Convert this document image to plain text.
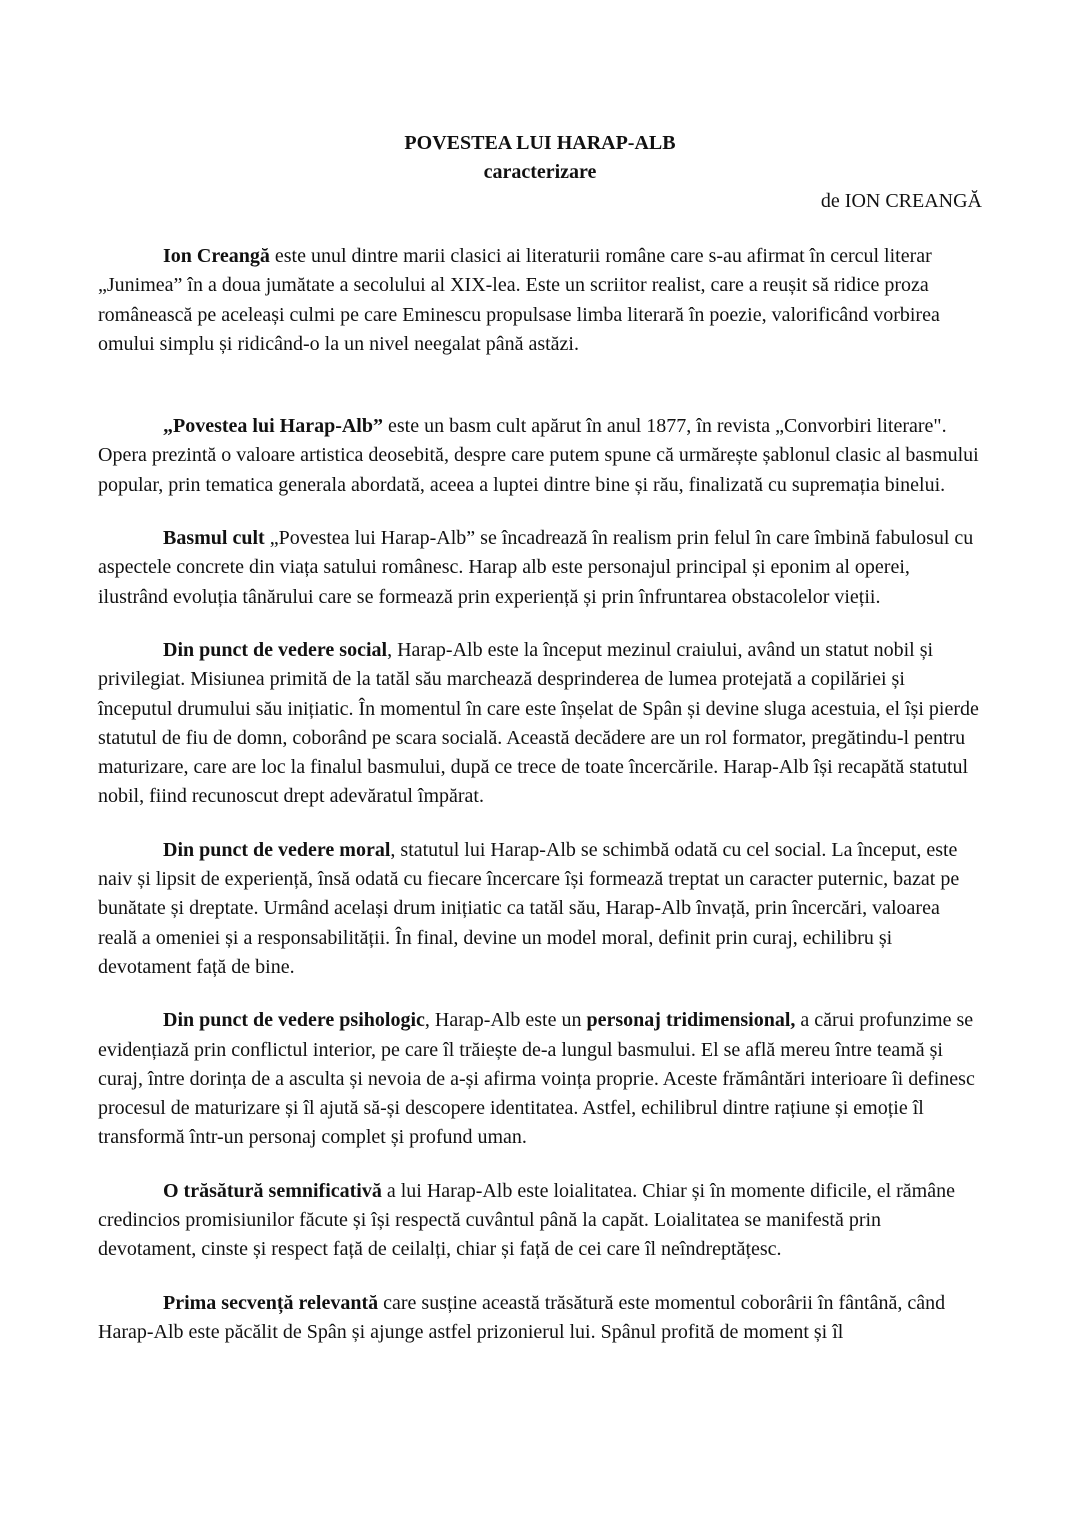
POVESTEA LUI HARAP-ALB
caracterizare
de ION CREANGĂ

Ion Creangă este unul dintre marii clasici ai literaturii române care s-au afirmat în cercul literar „Junimea” în a doua jumătate a secolului al XIX-lea. Este un scriitor realist, care a reușit să ridice proza românească pe aceleași culmi pe care Eminescu propulsase limba literară în poezie, valorificând vorbirea omului simplu și ridicând-o la un nivel neegalat până astăzi.

„Povestea lui Harap-Alb” este un basm cult apărut în anul 1877, în revista „Convorbiri literare". Opera prezintă o valoare artistica deosebită, despre care putem spune că urmărește șablonul clasic al basmului popular, prin tematica generala abordată, aceea a luptei dintre bine și rău, finalizată cu supremația binelui.

Basmul cult „Povestea lui Harap-Alb” se încadrează în realism prin felul în care îmbină fabulosul cu aspectele concrete din viața satului românesc. Harap alb este personajul principal și eponim al operei, ilustrând evoluția tânărului care se formează prin experiență și prin înfruntarea obstacolelor vieții.

Din punct de vedere social, Harap-Alb este la început mezinul craiului, având un statut nobil și privilegiat. Misiunea primită de la tatăl său marchează desprinderea de lumea protejată a copilăriei și începutul drumului său inițiatic. În momentul în care este înșelat de Spân și devine sluga acestuia, el își pierde statutul de fiu de domn, coborând pe scara socială. Această decădere are un rol formator, pregătindu-l pentru maturizare, care are loc la finalul basmului, după ce trece de toate încercările. Harap-Alb își recapătă statutul nobil, fiind recunoscut drept adevăratul împărat.

Din punct de vedere moral, statutul lui Harap-Alb se schimbă odată cu cel social. La început, este naiv și lipsit de experiență, însă odată cu fiecare încercare își formează treptat un caracter puternic, bazat pe bunătate și dreptate. Urmând același drum inițiatic ca tatăl său, Harap-Alb învață, prin încercări, valoarea reală a omeniei și a responsabilității. În final, devine un model moral, definit prin curaj, echilibru și devotament față de bine.

Din punct de vedere psihologic, Harap-Alb este un personaj tridimensional, a cărui profunzime se evidențiază prin conflictul interior, pe care îl trăiește de-a lungul basmului. El se află mereu între teamă și curaj, între dorința de a asculta și nevoia de a-și afirma voința proprie. Aceste frământări interioare îi definesc procesul de maturizare și îl ajută să-și descopere identitatea. Astfel, echilibrul dintre rațiune și emoție îl transformă într-un personaj complet și profund uman.

O trăsătură semnificativă a lui Harap-Alb este loialitatea. Chiar și în momente dificile, el rămâne credincios promisiunilor făcute și își respectă cuvântul până la capăt. Loialitatea se manifestă prin devotament, cinste și respect față de ceilalți, chiar și față de cei care îl neîndreptățesc.

Prima secvență relevantă care susține această trăsătură este momentul coborârii în fântână, când Harap-Alb este păcălit de Spân și ajunge astfel prizonierul lui. Spânul profită de moment și îl
